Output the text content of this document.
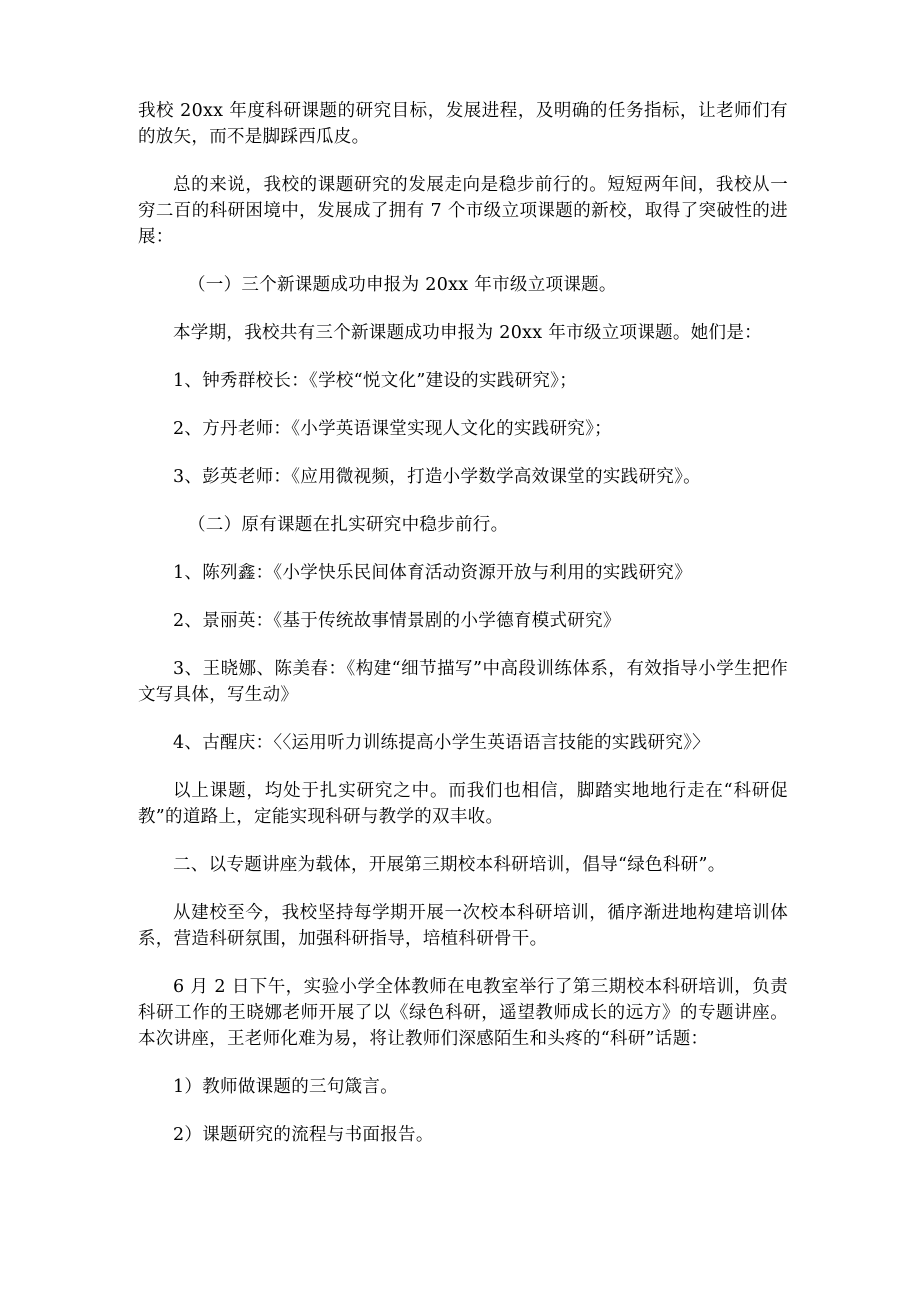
我校 20xx 年度科研课题的研究目标，发展进程，及明确的任务指标，让老师们有的放矢，而不是脚踩西瓜皮。

总的来说，我校的课题研究的发展走向是稳步前行的。短短两年间，我校从一穷二百的科研困境中，发展成了拥有 7 个市级立项课题的新校，取得了突破性的进展：

（一）三个新课题成功申报为 20xx 年市级立项课题。

本学期，我校共有三个新课题成功申报为 20xx 年市级立项课题。她们是：

1、钟秀群校长：《学校“悦文化”建设的实践研究》；

2、方丹老师：《小学英语课堂实现人文化的实践研究》；

3、彭英老师：《应用微视频，打造小学数学高效课堂的实践研究》。

（二）原有课题在扎实研究中稳步前行。

1、陈列鑫：《小学快乐民间体育活动资源开放与利用的实践研究》

2、景丽英：《基于传统故事情景剧的小学德育模式研究》

3、王晓娜、陈美春：《构建“细节描写”中高段训练体系，有效指导小学生把作文写具体，写生动》

4、古醒庆：〈〈运用听力训练提高小学生英语语言技能的实践研究》〉

以上课题，均处于扎实研究之中。而我们也相信，脚踏实地地行走在“科研促教”的道路上，定能实现科研与教学的双丰收。

二、以专题讲座为载体，开展第三期校本科研培训，倡导“绿色科研”。

从建校至今，我校坚持每学期开展一次校本科研培训，循序渐进地构建培训体系，营造科研氛围，加强科研指导，培植科研骨干。

6 月 2 日下午，实验小学全体教师在电教室举行了第三期校本科研培训，负责科研工作的王晓娜老师开展了以《绿色科研，遥望教师成长的远方》的专题讲座。本次讲座，王老师化难为易，将让教师们深感陌生和头疼的“科研”话题：

1）教师做课题的三句箴言。

2）课题研究的流程与书面报告。
